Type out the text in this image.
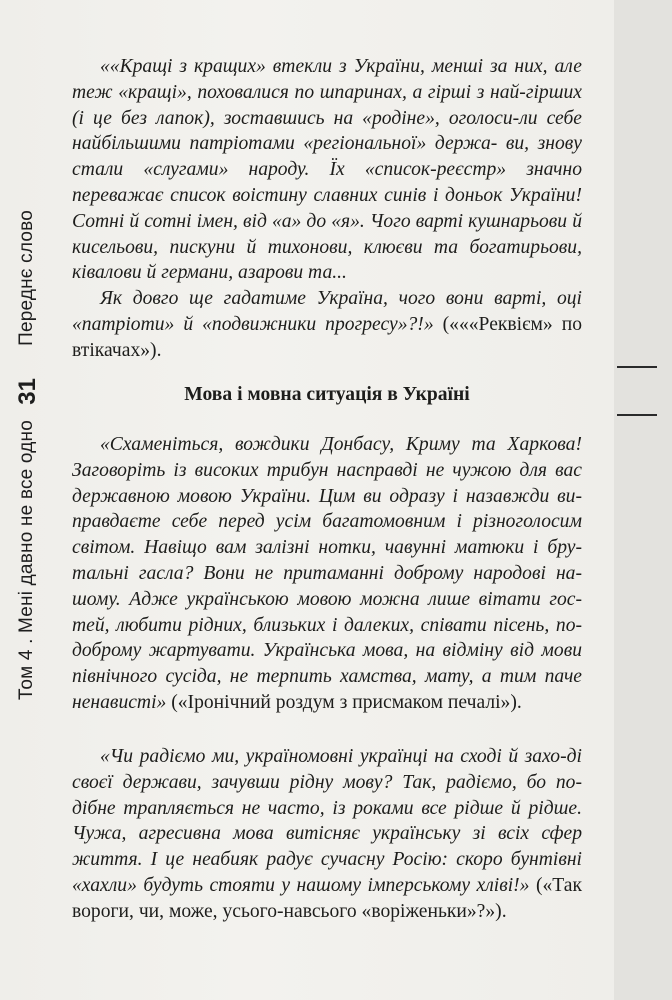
««Кращі з кращих» втекли з України, менші за них, але теж «кращі», поховалися по шпаринах, а гірші з най-гірших (і це без лапок), зоставшись на «родіне», оголоси-ли себе найбільшими патріотами «регіональної» держа- ви, знову стали «слугами» народу. Їх «список-реєстр» значно переважає список воістину славних синів і доньок України! Сотні й сотні імен, від «а» до «я». Чого варті кушнарьови й кисельови, пискуни й тихонови, клюєви та богатирьови, ківалови й германи, азарови та...

Як довго ще гадатиме Україна, чого вони варті, оці «патріоти» й «подвижники прогресу»?!» («««Реквієм» по втікачах»).

Мова і мовна ситуація в Україні

«Схаменіться, вождики Донбасу, Криму та Харкова! Заговоріть із високих трибун насправді не чужою для вас державною мовою України. Цим ви одразу і назавжди ви-правдаєте себе перед усім багатомовним і різноголосим світом. Навіщо вам залізні нотки, чавунні матюки і бру-тальні гасла? Вони не притаманні доброму народові на-шому. Адже українською мовою можна лише вітати гос-тей, любити рідних, близьких і далеких, співати пісень, по-доброму жартувати. Українська мова, на відміну від мови північного сусіда, не терпить хамства, мату, а тим паче ненависті» («Іронічний роздум з присмаком печалі»).

«Чи радіємо ми, україномовні українці на сході й захо-ді своєї держави, зачувши рідну мову? Так, радіємо, бо по-дібне трапляється не часто, із роками все рідше й рідше. Чужа, агресивна мова витісняє українську зі всіх сфер життя. І це неабияк радує сучасну Росію: скоро бунтівні «хахли» будуть стояти у нашому імперському хліві!» («Так вороги, чи, може, усього-навсього «воріженьки»?»).

Переднє слово
31
Том 4 . Мені давно не все одно
